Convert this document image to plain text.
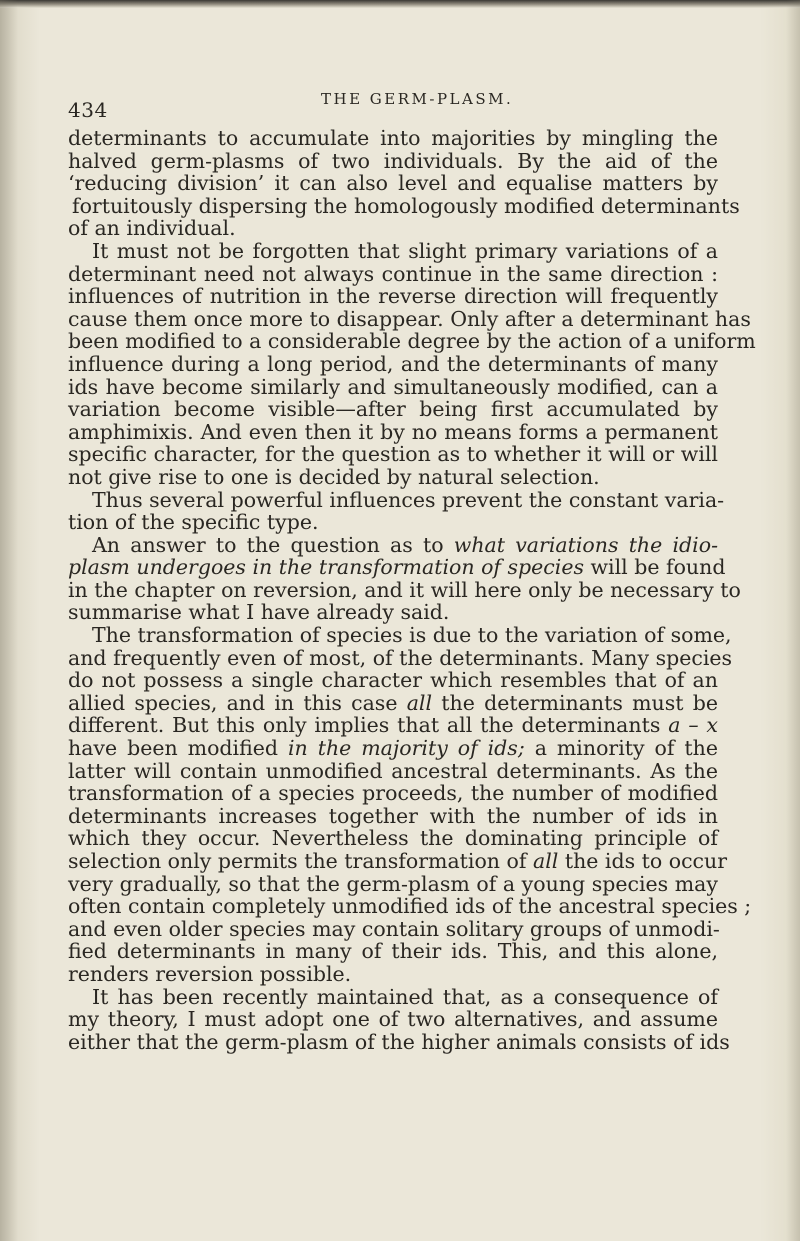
434	THE GERM-PLASM.
determinants to accumulate into majorities by mingling the
halved germ-plasms of two individuals. By the aid of the
‘reducing division’ it can also level and equalise matters by
fortuitously dispersing the homologously modified determinants
of an individual.
It must not be forgotten that slight primary variations of a
determinant need not always continue in the same direction :
influences of nutrition in the reverse direction will frequently
cause them once more to disappear. Only after a determinant has
been modified to a considerable degree by the action of a uniform
influence during a long period, and the determinants of many
ids have become similarly and simultaneously modified, can a
variation become visible—after being first accumulated by
amphimixis. And even then it by no means forms a permanent
specific character, for the question as to whether it will or will
not give rise to one is decided by natural selection.
Thus several powerful influences prevent the constant varia-
tion of the specific type.
An answer to the question as to what variations the idio-
plasm undergoes in the transformation of species will be found
in the chapter on reversion, and it will here only be necessary to
summarise what I have already said.
The transformation of species is due to the variation of some,
and frequently even of most, of the determinants. Many species
do not possess a single character which resembles that of an
allied species, and in this case all the determinants must be
different. But this only implies that all the determinants a – x
have been modified in the majority of ids; a minority of the
latter will contain unmodified ancestral determinants. As the
transformation of a species proceeds, the number of modified
determinants increases together with the number of ids in
which they occur. Nevertheless the dominating principle of
selection only permits the transformation of all the ids to occur
very gradually, so that the germ-plasm of a young species may
often contain completely unmodified ids of the ancestral species ;
and even older species may contain solitary groups of unmodi-
fied determinants in many of their ids. This, and this alone,
renders reversion possible.
It has been recently maintained that, as a consequence of
my theory, I must adopt one of two alternatives, and assume
either that the germ-plasm of the higher animals consists of ids
